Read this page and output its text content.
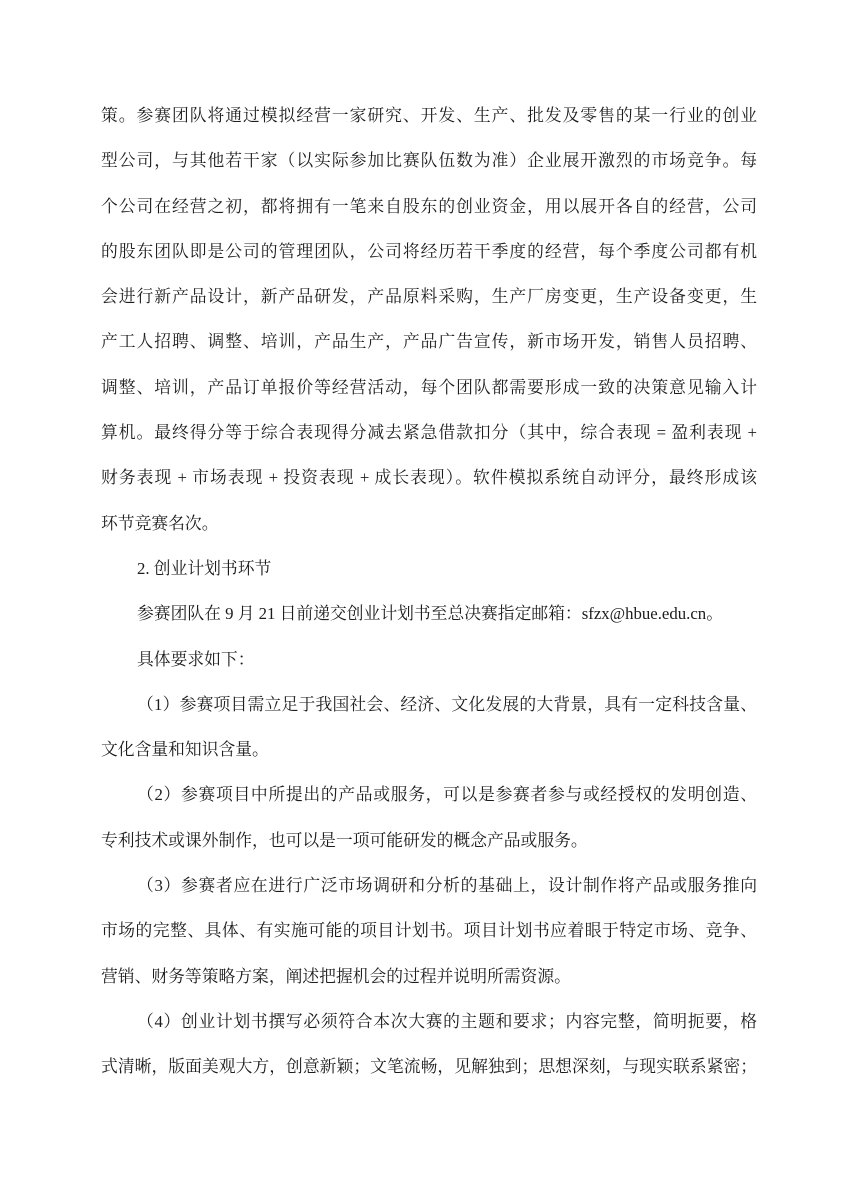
策。参赛团队将通过模拟经营一家研究、开发、生产、批发及零售的某一行业的创业
型公司，与其他若干家（以实际参加比赛队伍数为准）企业展开激烈的市场竞争。每
个公司在经营之初，都将拥有一笔来自股东的创业资金，用以展开各自的经营，公司
的股东团队即是公司的管理团队，公司将经历若干季度的经营，每个季度公司都有机
会进行新产品设计，新产品研发，产品原料采购，生产厂房变更，生产设备变更，生
产工人招聘、调整、培训，产品生产，产品广告宣传，新市场开发，销售人员招聘、
调整、培训，产品订单报价等经营活动，每个团队都需要形成一致的决策意见输入计
算机。最终得分等于综合表现得分减去紧急借款扣分（其中，综合表现 = 盈利表现 +
财务表现 + 市场表现 + 投资表现 + 成长表现）。软件模拟系统自动评分，最终形成该
环节竞赛名次。
2. 创业计划书环节
参赛团队在 9 月 21 日前递交创业计划书至总决赛指定邮箱：sfzx@hbue.edu.cn。
具体要求如下：
（1）参赛项目需立足于我国社会、经济、文化发展的大背景，具有一定科技含量、
文化含量和知识含量。
（2）参赛项目中所提出的产品或服务，可以是参赛者参与或经授权的发明创造、
专利技术或课外制作，也可以是一项可能研发的概念产品或服务。
（3）参赛者应在进行广泛市场调研和分析的基础上，设计制作将产品或服务推向
市场的完整、具体、有实施可能的项目计划书。项目计划书应着眼于特定市场、竞争、
营销、财务等策略方案，阐述把握机会的过程并说明所需资源。
（4）创业计划书撰写必须符合本次大赛的主题和要求；内容完整，简明扼要，格
式清晰，版面美观大方，创意新颖；文笔流畅，见解独到；思想深刻，与现实联系紧密；
